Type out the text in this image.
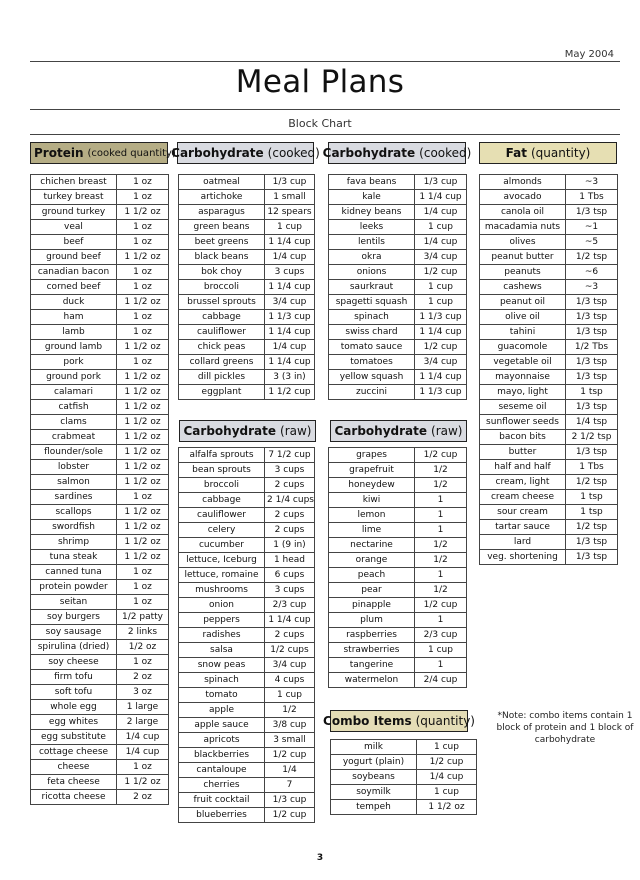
May 2004
Meal Plans
Block Chart
Protein (cooked quantity)
Carbohydrate (cooked) Carbohydrate (cooked)	Fat (quantity)
Carbohydrate (raw) Carbohydrate (raw)
Combo Items (quantity)
chichen breast	1 oz
turkey breast	1 oz
ground turkey	1 1/2 oz
veal	1 oz
beef	1 oz
ground beef	1 1/2 oz
canadian bacon	1 oz
corned beef	1 oz
duck	1 1/2 oz
ham	1 oz
lamb	1 oz
ground lamb	1 1/2 oz
pork	1 oz
ground pork	1 1/2 oz
calamari	1 1/2 oz
catfish	1 1/2 oz
clams	1 1/2 oz
crabmeat	1 1/2 oz
flounder/sole	1 1/2 oz
lobster	1 1/2 oz
salmon	1 1/2 oz
sardines	1 oz
scallops	1 1/2 oz
swordfish	1 1/2 oz
shrimp	1 1/2 oz
tuna steak	1 1/2 oz
canned tuna	1 oz
protein powder	1 oz
seitan	1 oz
soy burgers	1/2 patty
soy sausage	2 links
spirulina (dried)	1/2 oz
soy cheese	1 oz
firm tofu	2 oz
soft tofu	3 oz
whole egg	1 large
egg whites	2 large
egg substitute	1/4 cup
cottage cheese	1/4 cup
cheese	1 oz
feta cheese	1 1/2 oz
ricotta cheese	2 oz
oatmeal	1/3 cup
artichoke	1 small
asparagus	12 spears
green beans	1 cup
beet greens	1 1/4 cup
black beans	1/4 cup
bok choy	3 cups
broccoli	1 1/4 cup
brussel sprouts	3/4 cup
cabbage	1 1/3 cup
cauliflower	1 1/4 cup
chick peas	1/4 cup
collard greens	1 1/4 cup
dill pickles	3 (3 in)
eggplant	1 1/2 cup
alfalfa sprouts	7 1/2 cup
bean sprouts	3 cups
broccoli	2 cups
cabbage	2 1/4 cups
cauliflower	2 cups
celery	2 cups
cucumber	1 (9 in)
lettuce, Iceburg	1 head
lettuce, romaine	6 cups
mushrooms	3 cups
onion	2/3 cup
peppers	1 1/4 cup
radishes	2 cups
salsa	1/2 cups
snow peas	3/4 cup
spinach	4 cups
tomato	1 cup
apple	1/2
apple sauce	3/8 cup
apricots	3 small
blackberries	1/2 cup
cantaloupe	1/4
cherries	7
fruit cocktail	1/3 cup
blueberries	1/2 cup
fava beans	1/3 cup
kale	1 1/4 cup
kidney beans	1/4 cup
leeks	1 cup
lentils	1/4 cup
okra	3/4 cup
onions	1/2 cup
saurkraut	1 cup
spagetti squash	1 cup
spinach	1 1/3 cup
swiss chard	1 1/4 cup
tomato sauce	1/2 cup
tomatoes	3/4 cup
yellow squash	1 1/4 cup
zuccini	1 1/3 cup
grapes	1/2 cup
grapefruit	1/2
honeydew	1/2
kiwi	1
lemon	1
lime	1
nectarine	1/2
orange	1/2
peach	1
pear	1/2
pinapple	1/2 cup
plum	1
raspberries	2/3 cup
strawberries	1 cup
tangerine	1
watermelon	2/4 cup
almonds	~3
avocado	1 Tbs
canola oil	1/3 tsp
macadamia nuts	~1
olives	~5
peanut butter	1/2 tsp
peanuts	~6
cashews	~3
peanut oil	1/3 tsp
olive oil	1/3 tsp
tahini	1/3 tsp
guacomole	1/2 Tbs
vegetable oil	1/3 tsp
mayonnaise	1/3 tsp
mayo, light	1 tsp
seseme oil	1/3 tsp
sunflower seeds	1/4 tsp
bacon bits	2 1/2 tsp
butter	1/3 tsp
half and half	1 Tbs
cream, light	1/2 tsp
cream cheese	1 tsp
sour cream	1 tsp
tartar sauce	1/2 tsp
lard	1/3 tsp
veg. shortening	1/3 tsp
milk	1 cup
yogurt (plain)	1/2 cup
soybeans	1/4 cup
soymilk	1 cup
tempeh	1 1/2 oz
*Note: combo items contain 1 block of protein and 1 block of carbohydrate
3
